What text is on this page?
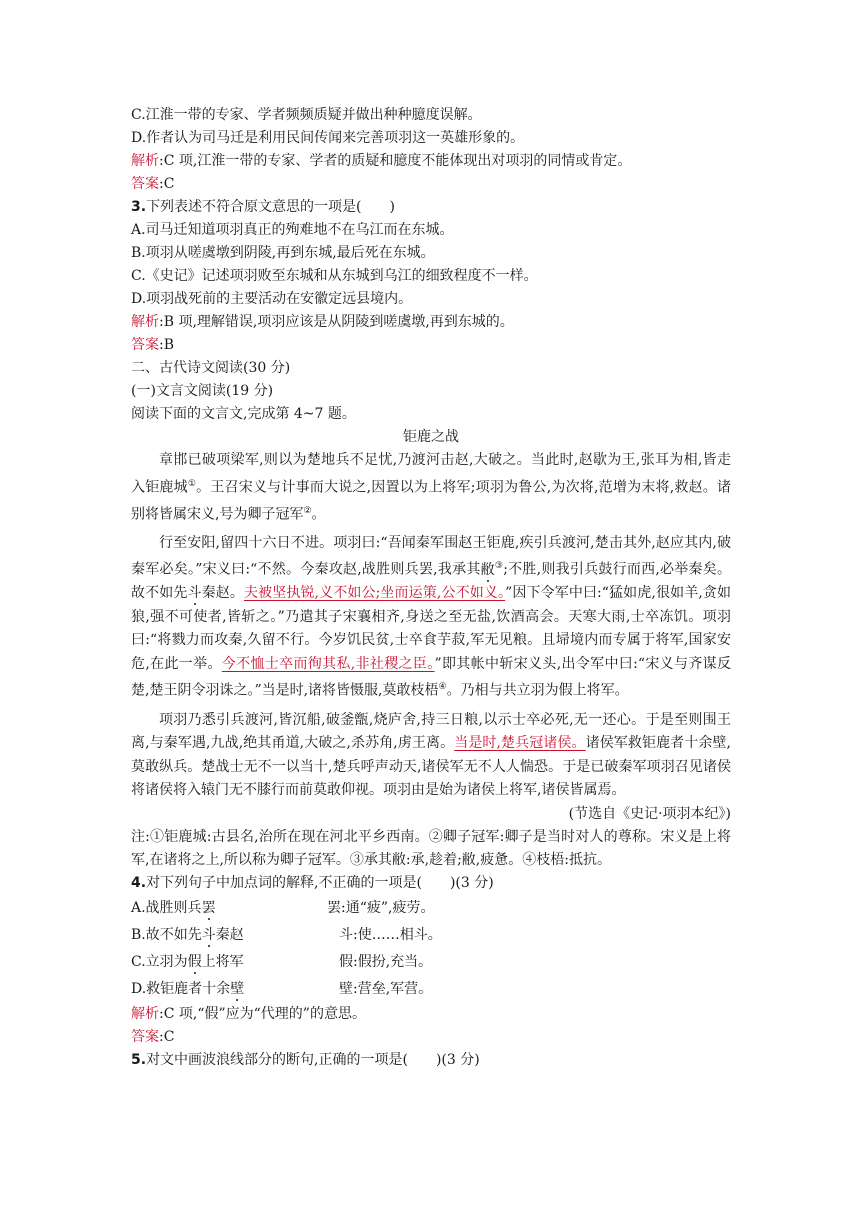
C.江淮一带的专家、学者频频质疑并做出种种臆度误解。
D.作者认为司马迁是利用民间传闻来完善项羽这一英雄形象的。
解析:C 项,江淮一带的专家、学者的质疑和臆度不能体现出对项羽的同情或肯定。
答案:C
3.下列表述不符合原文意思的一项是(　　)
A.司马迁知道项羽真正的殉难地不在乌江而在东城。
B.项羽从嗟虞墩到阴陵,再到东城,最后死在东城。
C.《史记》记述项羽败至东城和从东城到乌江的细致程度不一样。
D.项羽战死前的主要活动在安徽定远县境内。
解析:B 项,理解错误,项羽应该是从阴陵到嗟虞墩,再到东城的。
答案:B
二、古代诗文阅读(30 分)
(一)文言文阅读(19 分)
阅读下面的文言文,完成第 4~7 题。
钜鹿之战

章邯已破项梁军,则以为楚地兵不足忧,乃渡河击赵,大破之。当此时,赵歇为王,张耳为相,皆走入钜鹿城①。王召宋义与计事而大说之,因置以为上将军;项羽为鲁公,为次将,范增为末将,救赵。诸别将皆属宋义,号为卿子冠军②。

行至安阳,留四十六日不进。项羽曰:“吾闻秦军围赵王钜鹿,疾引兵渡河,楚击其外,赵应其内,破秦军必矣。”宋义曰:“不然。今秦攻赵,战胜则兵罢,我承其敝③;不胜,则我引兵鼓行而西,必举秦矣。故不如先斗秦赵。夫被坚执锐,义不如公;坐而运策,公不如义。”因下令军中曰:“猛如虎,很如羊,贪如狼,强不可使者,皆斩之。”乃遣其子宋襄相齐,身送之至无盐,饮酒高会。天寒大雨,士卒冻饥。项羽曰:“将戮力而攻秦,久留不行。今岁饥民贫,士卒食芋菽,军无见粮。且埽境内而专属于将军,国家安危,在此一举。今不恤士卒而徇其私,非社稷之臣。”即其帐中斩宋义头,出令军中曰:“宋义与齐谋反楚,楚王阴令羽诛之。”当是时,诸将皆慑服,莫敢枝梧④。乃相与共立羽为假上将军。

项羽乃悉引兵渡河,皆沉船,破釜甑,烧庐舍,持三日粮,以示士卒必死,无一还心。于是至则围王离,与秦军遇,九战,绝其甬道,大破之,杀苏角,虏王离。当是时,楚兵冠诸侯。诸侯军救钜鹿者十余壁,莫敢纵兵。楚战士无不一以当十,楚兵呼声动天,诸侯军无不人人惴恐。于是已破秦军项羽召见诸侯将诸侯将入辕门无不膝行而前莫敢仰视。项羽由是始为诸侯上将军,诸侯皆属焉。

(节选自《史记·项羽本纪》)

注:①钜鹿城:古县名,治所在现在河北平乡西南。②卿子冠军:卿子是当时对人的尊称。宋义是上将军,在诸将之上,所以称为卿子冠军。③承其敝:承,趁着;敝,疲惫。④枝梧:抵抗。

4.对下列句子中加点词的解释,不正确的一项是(　　)(3 分)
A.战胜则兵罢	罢:通“疲”,疲劳。
B.故不如先斗秦赵	斗:使……相斗。
C.立羽为假上将军	假:假扮,充当。
D.救钜鹿者十余壁	壁:营垒,军营。
解析:C 项,“假”应为“代理的”的意思。
答案:C
5.对文中画波浪线部分的断句,正确的一项是(　　)(3 分)
